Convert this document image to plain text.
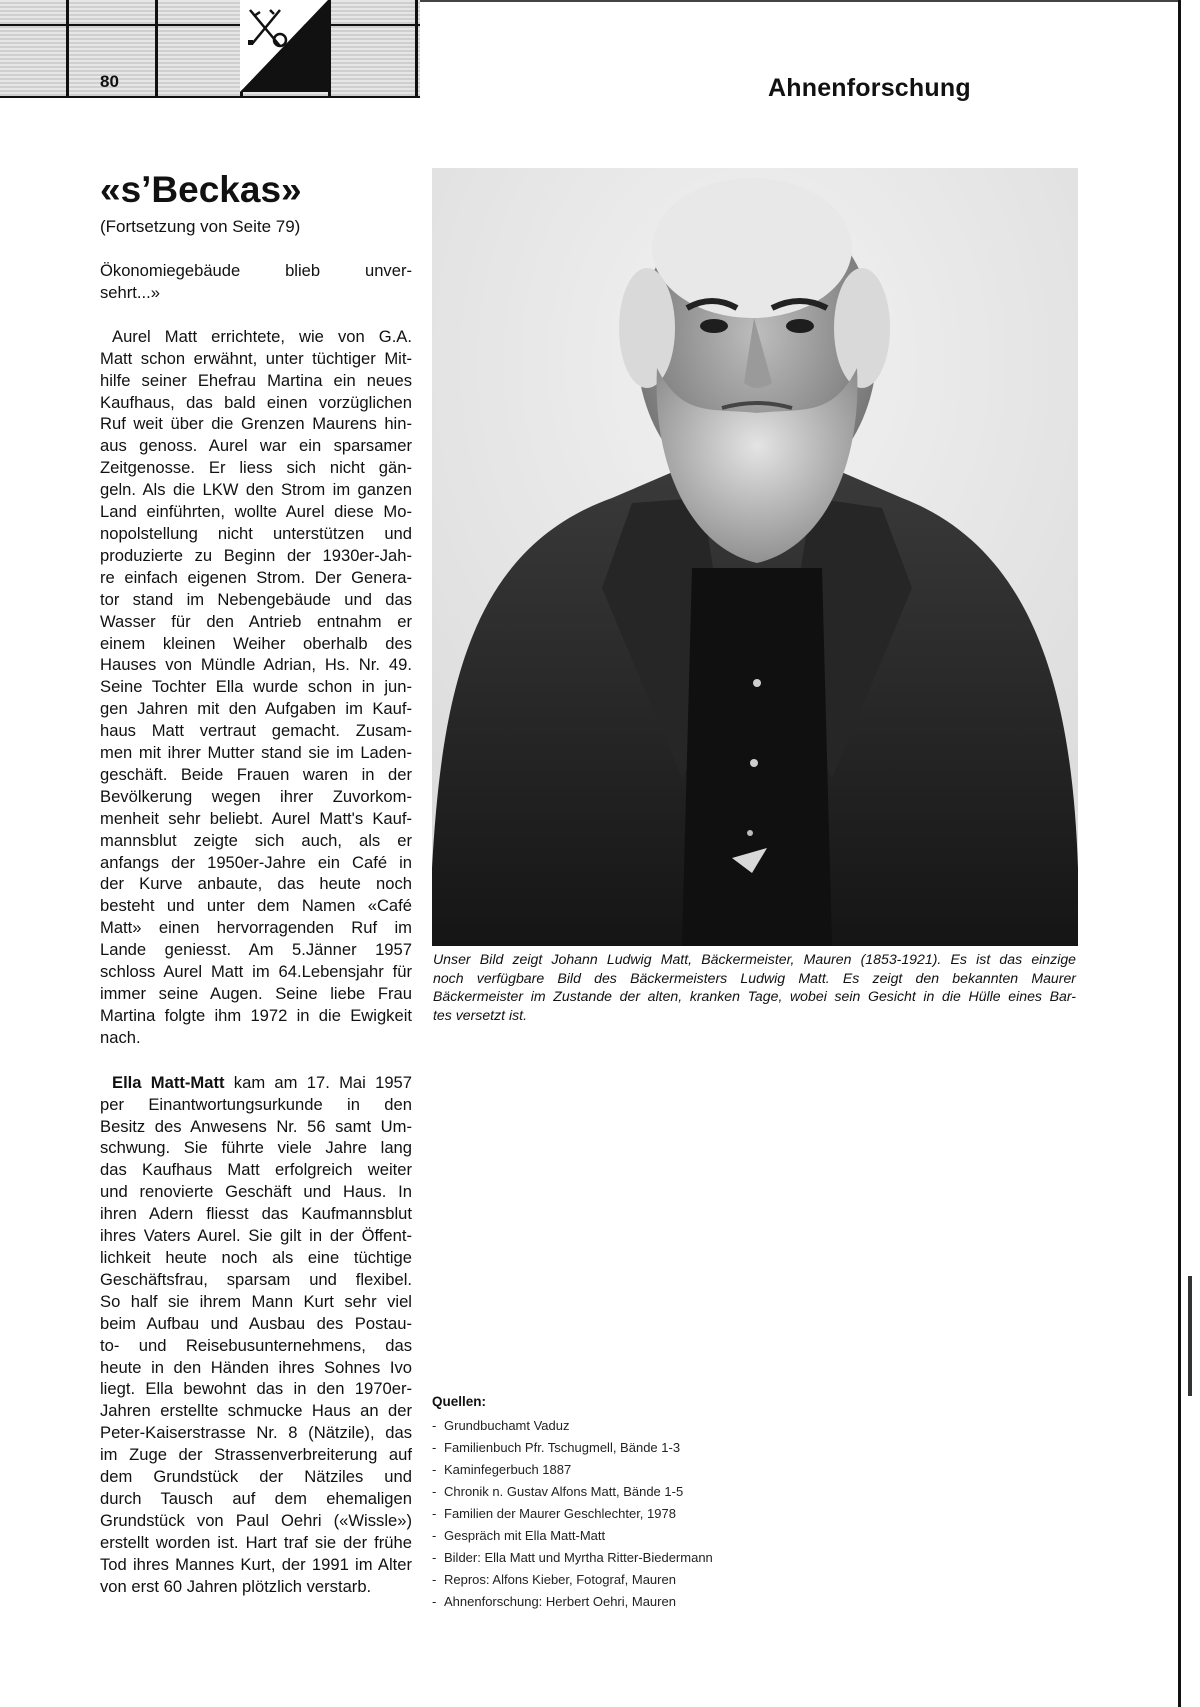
80	Ahnenforschung
«s’Beckas»
(Fortsetzung von Seite 79)

Ökonomiegebäude blieb unver-

sehrt...»

Aurel Matt errichtete, wie von G.A.

Matt schon erwähnt, unter tüchtiger Mit-

hilfe seiner Ehefrau Martina ein neues

Kaufhaus, das bald einen vorzüglichen

Ruf weit über die Grenzen Maurens hin-

aus genoss. Aurel war ein sparsamer

Zeitgenosse. Er liess sich nicht gän-

geln. Als die LKW den Strom im ganzen

Land einführten, wollte Aurel diese Mo-

nopolstellung nicht unterstützen und

produzierte zu Beginn der 1930er-Jah-

re einfach eigenen Strom. Der Genera-

tor stand im Nebengebäude und das

Wasser für den Antrieb entnahm er

einem kleinen Weiher oberhalb des

Hauses von Mündle Adrian, Hs. Nr. 49.

Seine Tochter Ella wurde schon in jun-

gen Jahren mit den Aufgaben im Kauf-

haus Matt vertraut gemacht. Zusam-

men mit ihrer Mutter stand sie im Laden-

geschäft. Beide Frauen waren in der

Bevölkerung wegen ihrer Zuvorkom-

menheit sehr beliebt. Aurel Matt's Kauf-

mannsblut zeigte sich auch, als er

anfangs der 1950er-Jahre ein Café in

der Kurve anbaute, das heute noch

besteht und unter dem Namen «Café

Matt» einen hervorragenden Ruf im

Lande geniesst. Am 5.Jänner 1957

schloss Aurel Matt im 64.Lebensjahr für

immer seine Augen. Seine liebe Frau

Martina folgte ihm 1972 in die Ewigkeit

nach.

Ella Matt-Matt kam am 17. Mai 1957

per Einantwortungsurkunde in den

Besitz des Anwesens Nr. 56 samt Um-

schwung. Sie führte viele Jahre lang

das Kaufhaus Matt erfolgreich weiter

und renovierte Geschäft und Haus. In

ihren Adern fliesst das Kaufmannsblut

ihres Vaters Aurel. Sie gilt in der Öffent-

lichkeit heute noch als eine tüchtige

Geschäftsfrau, sparsam und flexibel.

So half sie ihrem Mann Kurt sehr viel

beim Aufbau und Ausbau des Postau-

to- und Reisebusunternehmens, das

heute in den Händen ihres Sohnes Ivo

liegt. Ella bewohnt das in den 1970er-

Jahren erstellte schmucke Haus an der

Peter-Kaiserstrasse Nr. 8 (Nätzile), das

im Zuge der Strassenverbreiterung auf

dem Grundstück der Nätziles und

durch Tausch auf dem ehemaligen

Grundstück von Paul Oehri («Wissle»)

erstellt worden ist. Hart traf sie der frühe

Tod ihres Mannes Kurt, der 1991 im Alter

von erst 60 Jahren plötzlich verstarb.

Unser Bild zeigt Johann Ludwig Matt, Bäckermeister, Mauren (1853-1921). Es ist das einzige
noch verfügbare Bild des Bäckermeisters Ludwig Matt. Es zeigt den bekannten Maurer
Bäckermeister im Zustande der alten, kranken Tage, wobei sein Gesicht in die Hülle eines Bar-
tes versetzt ist.
Quellen:
- Grundbuchamt Vaduz
- Familienbuch Pfr. Tschugmell, Bände 1-3
- Kaminfegerbuch 1887
- Chronik n. Gustav Alfons Matt, Bände 1-5
- Familien der Maurer Geschlechter, 1978
- Gespräch mit Ella Matt-Matt
- Bilder: Ella Matt und Myrtha Ritter-Biedermann
- Repros: Alfons Kieber, Fotograf, Mauren
- Ahnenforschung: Herbert Oehri, Mauren
